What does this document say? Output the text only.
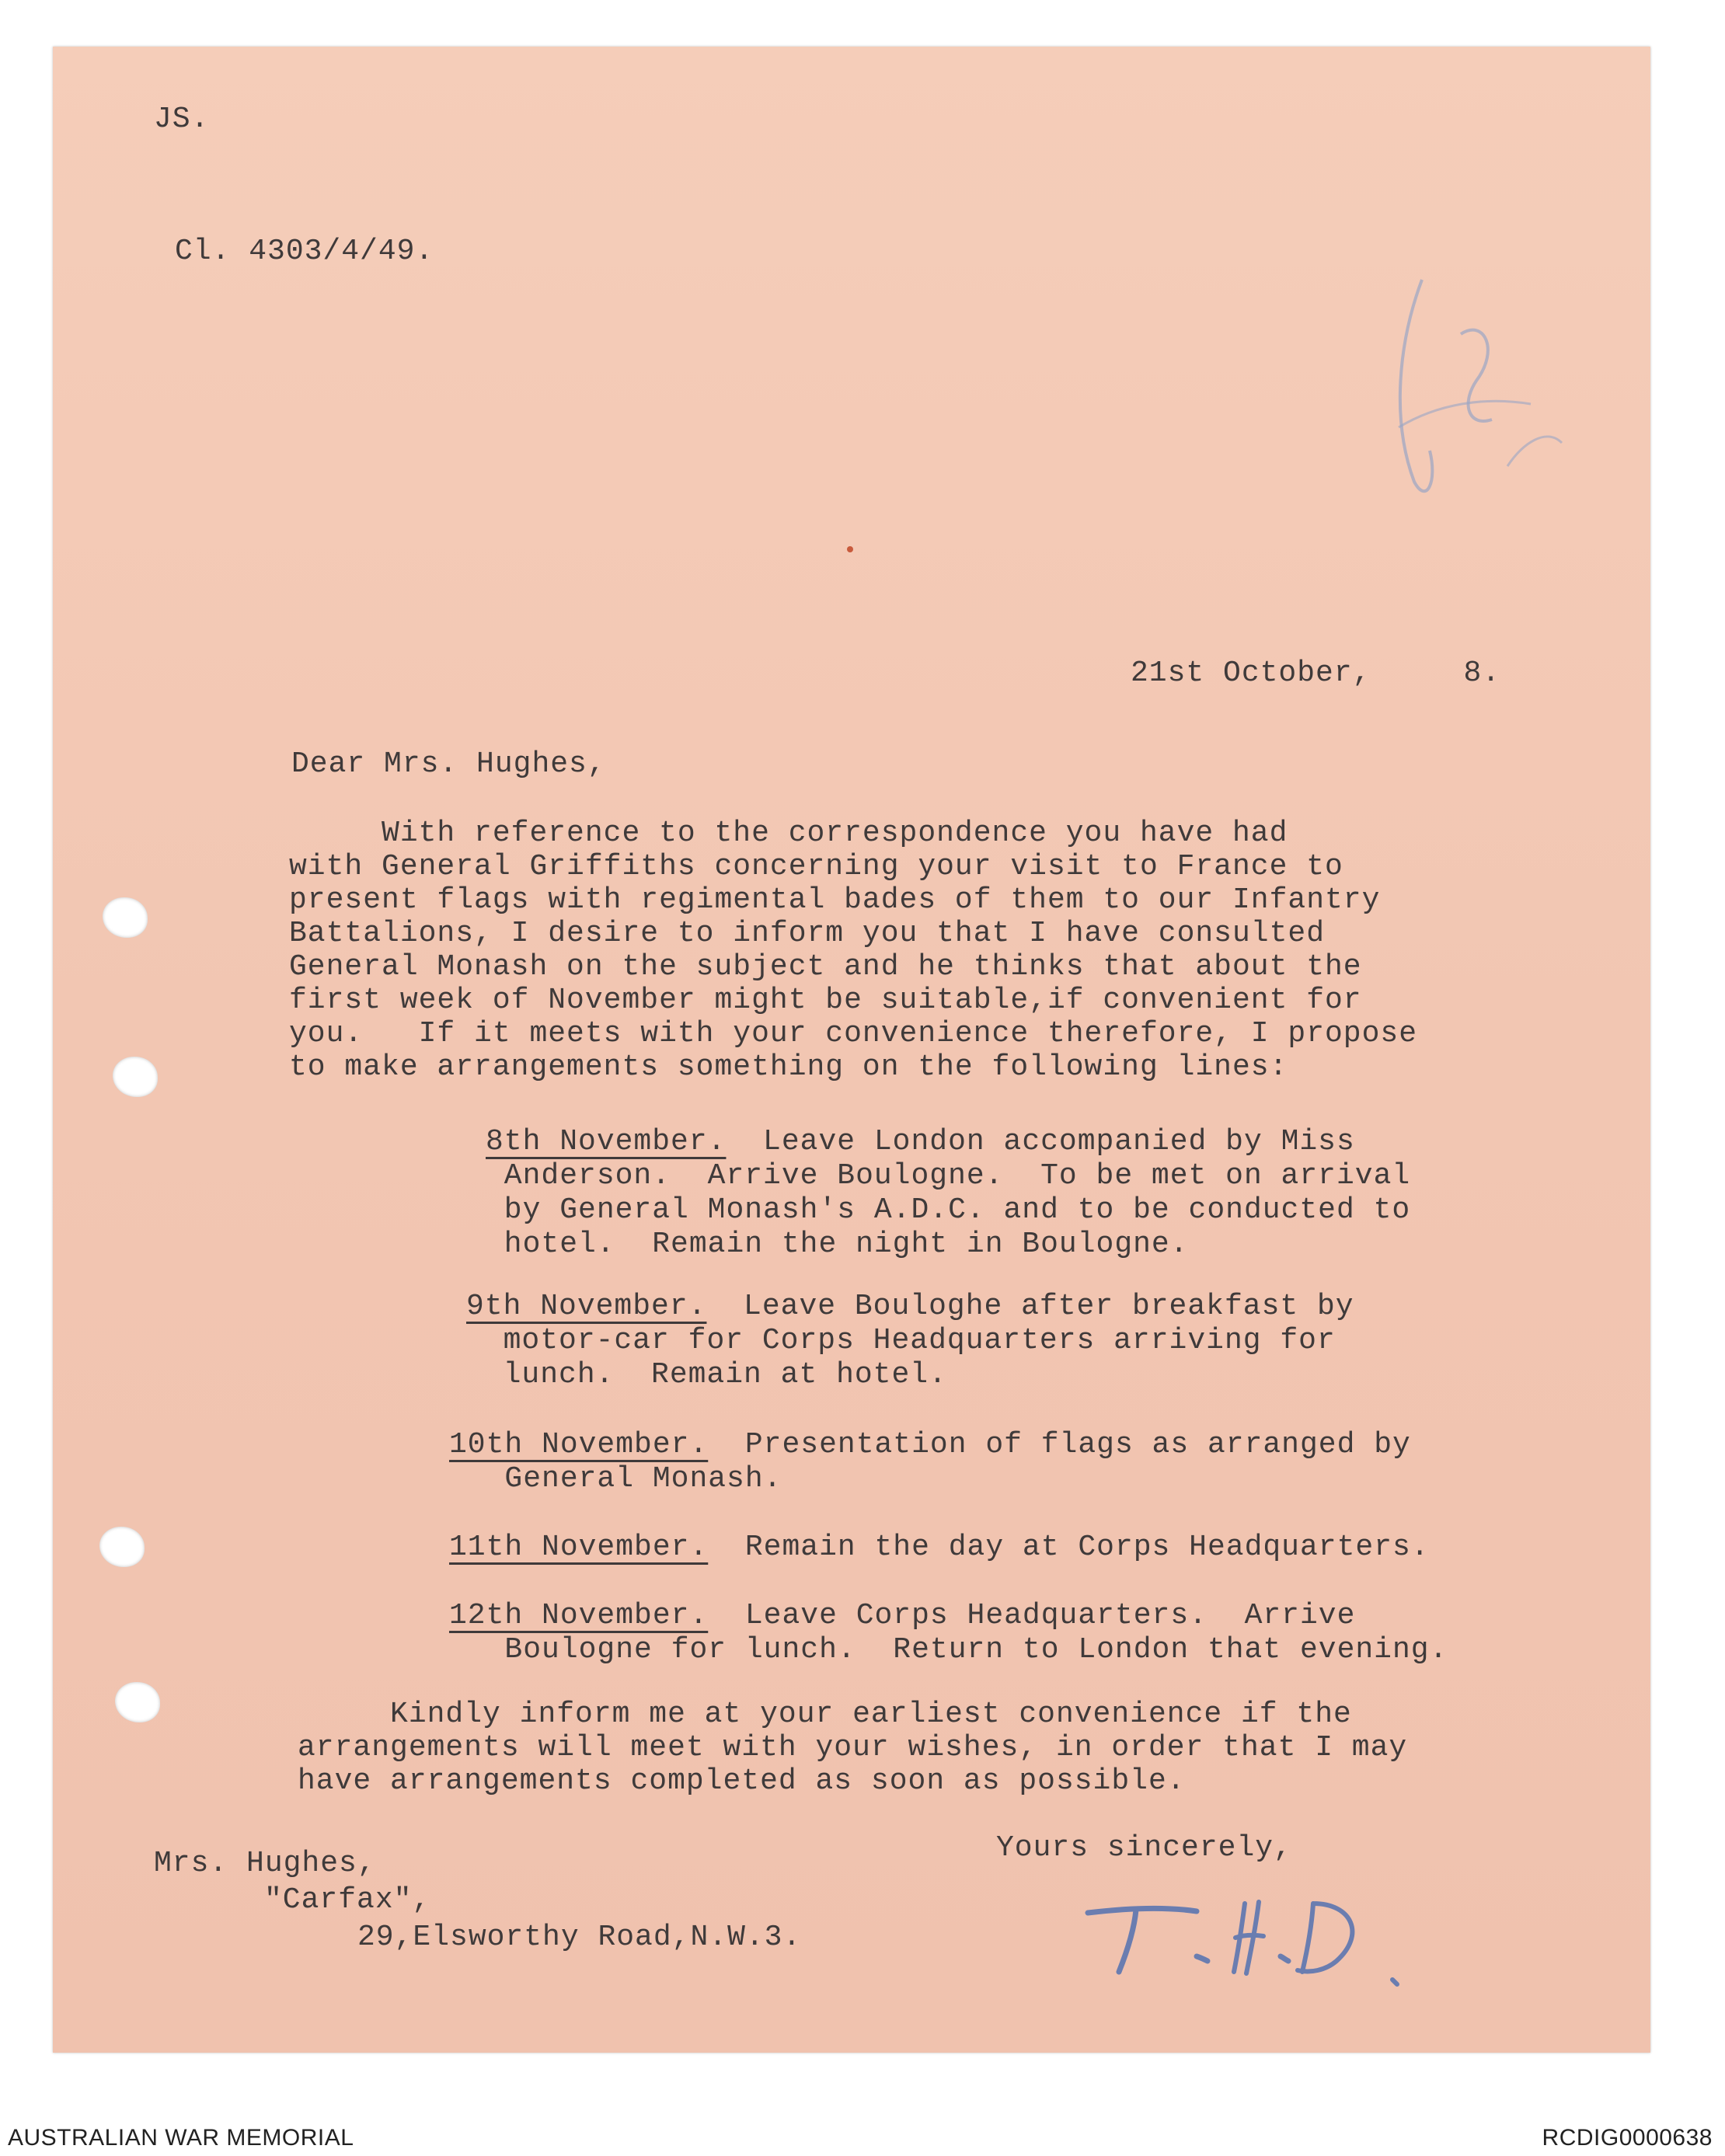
JS.
Cl. 4303/4/49.
21st October,     8.
Dear Mrs. Hughes,
With reference to the correspondence you have had
with General Griffiths concerning your visit to France to
present flags with regimental bades of them to our Infantry
Battalions, I desire to inform you that I have consulted
General Monash on the subject and he thinks that about the
first week of November might be suitable,if convenient for
you.   If it meets with your convenience therefore, I propose
to make arrangements something on the following lines:
8th November.  Leave London accompanied by Miss
Anderson.  Arrive Boulogne.  To be met on arrival
by General Monash's A.D.C. and to be conducted to
hotel.  Remain the night in Boulogne.
9th November.  Leave Bouloghe after breakfast by
motor-car for Corps Headquarters arriving for
lunch.  Remain at hotel.
10th November.  Presentation of flags as arranged by
General Monash.
11th November.  Remain the day at Corps Headquarters.
12th November.  Leave Corps Headquarters.  Arrive
Boulogne for lunch.  Return to London that evening.
Kindly inform me at your earliest convenience if the
arrangements will meet with your wishes, in order that I may
have arrangements completed as soon as possible.
Yours sincerely,
Mrs. Hughes,
"Carfax",
29,Elsworthy Road,N.W.3.
AUSTRALIAN WAR MEMORIAL	RCDIG0000638
